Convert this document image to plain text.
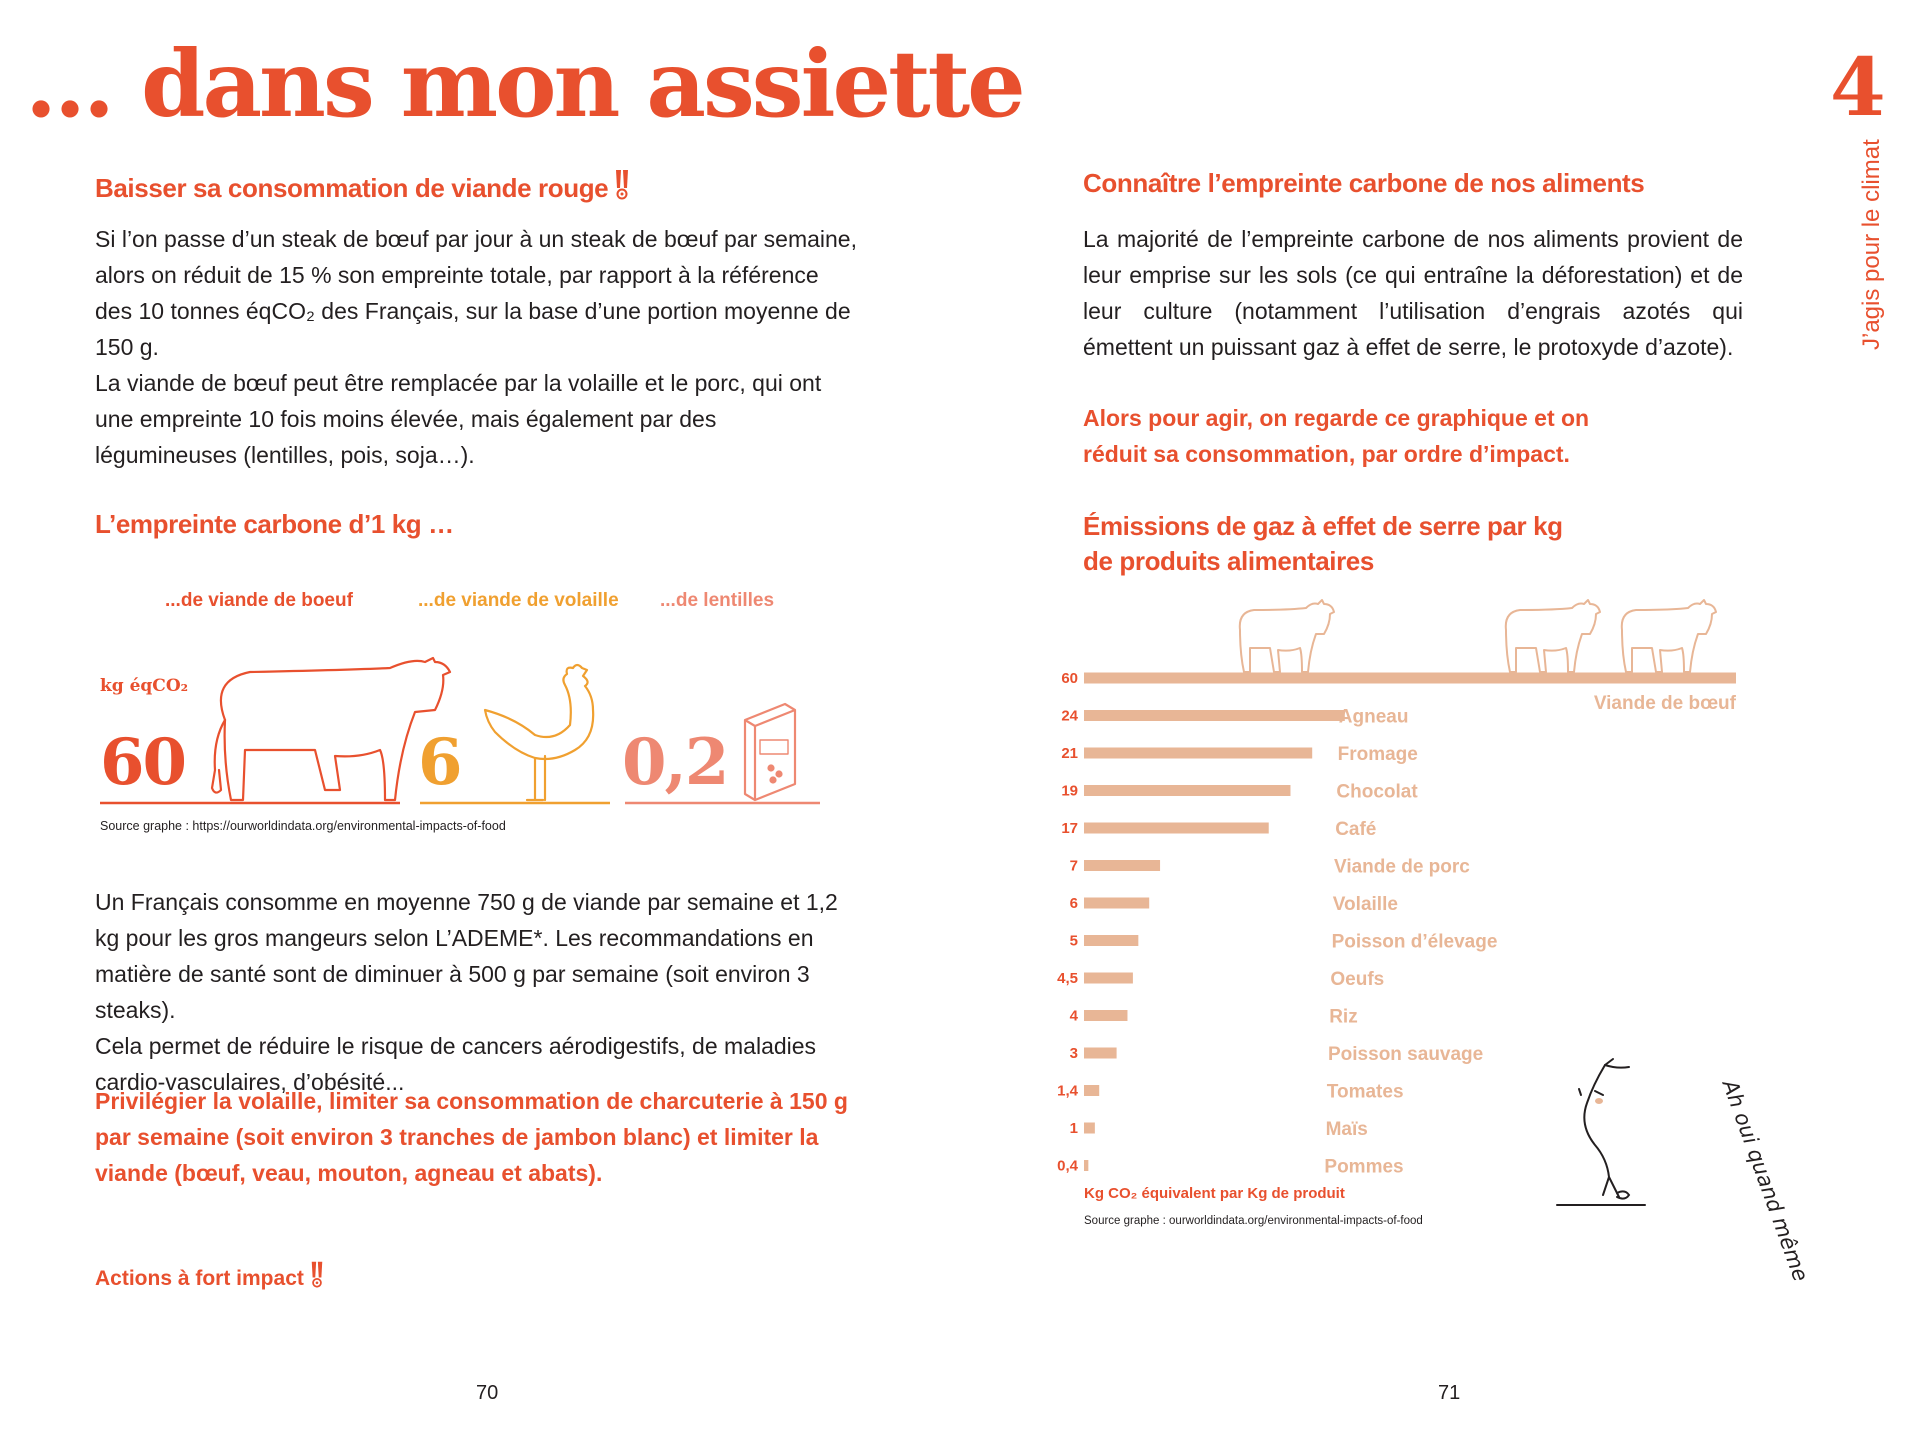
... dans mon assiette
Baisser sa consommation de viande rouge

Si l’on passe d’un steak de bœuf par jour à un steak de bœuf par semaine, alors on réduit de 15 % son empreinte totale, par rapport à la référence des 10 tonnes éqCO₂ des Français, sur la base d’une portion moyenne de 150 g.

La viande de bœuf peut être remplacée par la volaille et le porc, qui ont une empreinte 10 fois moins élevée, mais également par des légumineuses (lentilles, pois, soja…).

L’empreinte carbone d’1 kg …
...de viande de boeuf	...de viande de volaille ...de lentilles
kg éqCO₂
60	6	0,2
Source graphe : https://ourworldindata.org/environmental-impacts-of-food

Un Français consomme en moyenne 750 g de viande par semaine et 1,2 kg pour les gros mangeurs selon L’ADEME*. Les recommandations en matière de santé sont de diminuer à 500 g par semaine (soit environ 3 steaks).

Cela permet de réduire le risque de cancers aérodigestifs, de maladies cardio-vasculaires, d’obésité...

Privilégier la volaille, limiter sa consommation de charcuterie à 150 g par semaine (soit environ 3 tranches de jambon blanc) et limiter la viande (bœuf, veau, mouton, agneau et abats).
Actions à fort impact
70
4
J’agis pour le climat
Connaître l’empreinte carbone de nos aliments
La majorité de l’empreinte carbone de nos aliments provient de leur emprise sur les sols (ce qui entraîne la déforestation) et de leur culture (notamment l’utilisation d’engrais azotés qui émettent un puissant gaz à effet de serre, le protoxyde d’azote).
Alors pour agir, on regarde ce graphique et on réduit sa consommation, par ordre d’impact.
Émissions de gaz à effet de serre par kg
de produits alimentaires
60
Viande de bœuf
24	Agneau
21	Fromage
19	Chocolat
17	Café
7	Viande de porc
6	Volaille
5	Poisson d’élevage
4,5	Oeufs
4	Riz
3	Poisson sauvage
1,4	Tomates
1	Maïs
0,4	Pommes
Kg CO₂ équivalent par Kg de produit
Source graphe : ourworldindata.org/environmental-impacts-of-food	Ah oui quand même
71
